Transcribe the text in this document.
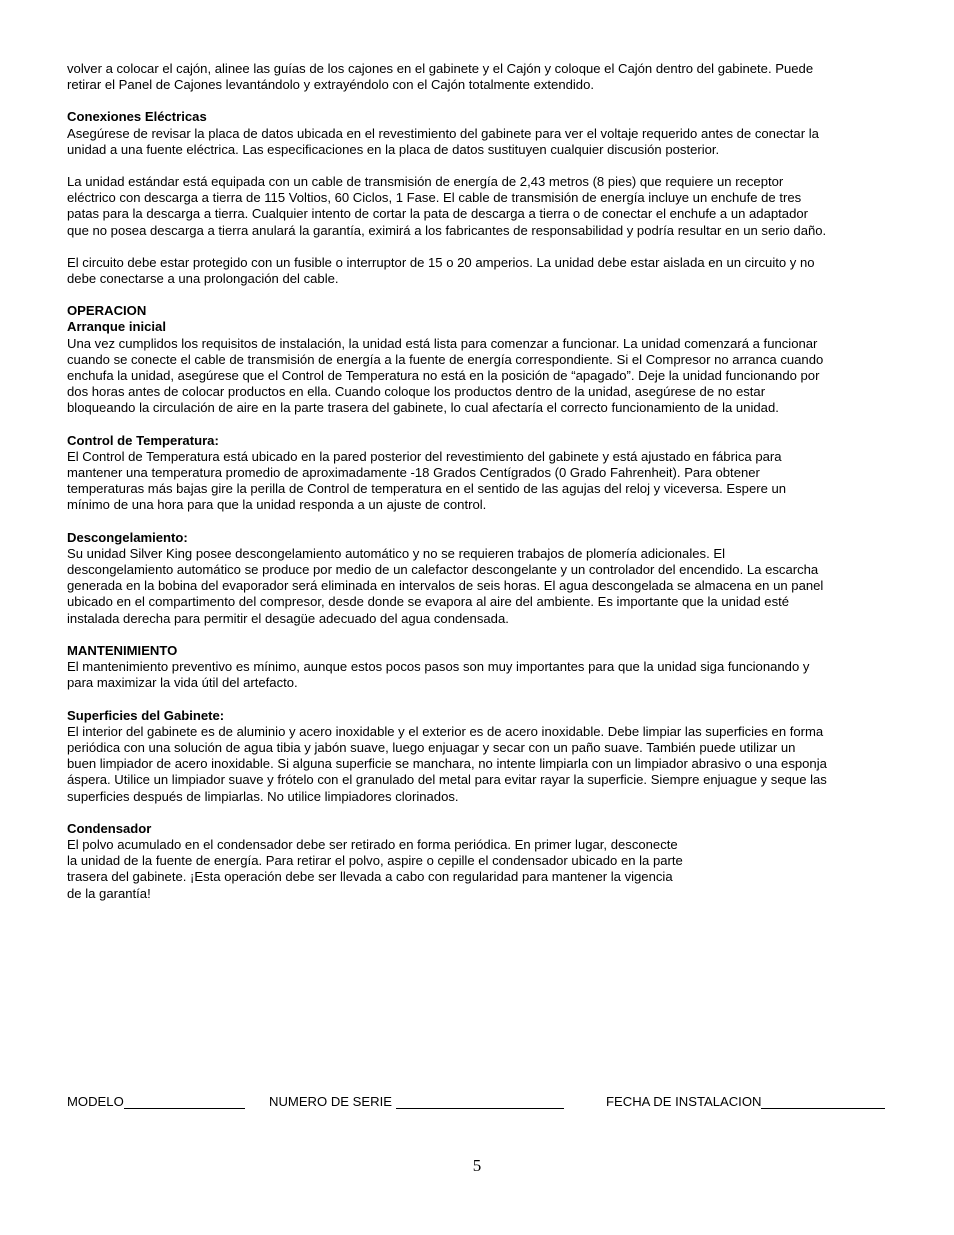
volver a colocar el cajón, alinee las guías de los cajones en el gabinete y el Cajón y coloque el Cajón dentro del gabinete. Puede
retirar el Panel de Cajones levantándolo y extrayéndolo con el Cajón totalmente extendido.

Conexiones Eléctricas
Asegúrese de revisar la placa de datos ubicada en el revestimiento del gabinete para ver el voltaje requerido antes de conectar la
unidad a una fuente eléctrica. Las especificaciones en la placa de datos sustituyen cualquier discusión posterior.

La unidad estándar está equipada con un cable de transmisión de energía de 2,43 metros (8 pies) que requiere un receptor
eléctrico con descarga a tierra de 115 Voltios, 60 Ciclos, 1 Fase. El cable de transmisión de energía incluye un enchufe de tres
patas para la descarga a tierra. Cualquier intento de cortar la pata de descarga a tierra o de conectar el enchufe a un adaptador
que no posea descarga a tierra anulará la garantía, eximirá a los fabricantes de responsabilidad y podría resultar en un serio daño.

El circuito debe estar protegido con un fusible o interruptor de 15 o 20 amperios. La unidad debe estar aislada en un circuito y no
debe conectarse a una prolongación del cable.

OPERACION
Arranque inicial
Una vez cumplidos los requisitos de instalación, la unidad está lista para comenzar a funcionar. La unidad comenzará a funcionar
cuando se conecte el cable de transmisión de energía a la fuente de energía correspondiente. Si el Compresor no arranca cuando
enchufa la unidad, asegúrese que el Control de Temperatura no está en la posición de “apagado”. Deje la unidad funcionando por
dos horas antes de colocar productos en ella. Cuando coloque los productos dentro de la unidad, asegúrese de no estar
bloqueando la circulación de aire en la parte trasera del gabinete, lo cual afectaría el correcto funcionamiento de la unidad.

Control de Temperatura:
El Control de Temperatura está ubicado en la pared posterior del revestimiento del gabinete y está ajustado en fábrica para
mantener una temperatura promedio de aproximadamente -18 Grados Centígrados (0 Grado Fahrenheit). Para obtener
temperaturas más bajas gire la perilla de Control de temperatura en el sentido de las agujas del reloj y viceversa. Espere un
mínimo de una hora para que la unidad responda a un ajuste de control.

Descongelamiento:
Su unidad Silver King posee descongelamiento automático y no se requieren trabajos de plomería adicionales. El
descongelamiento automático se produce por medio de un calefactor descongelante y un controlador del encendido. La escarcha
generada en la bobina del evaporador será eliminada en intervalos de seis horas. El agua descongelada se almacena en un panel
ubicado en el compartimento del compresor, desde donde se evapora al aire del ambiente. Es importante que la unidad esté
instalada derecha para permitir el desagüe adecuado del agua condensada.

MANTENIMIENTO
El mantenimiento preventivo es mínimo, aunque estos pocos pasos son muy importantes para que la unidad siga funcionando y
para maximizar la vida útil del artefacto.

Superficies del Gabinete:
El interior del gabinete es de aluminio y acero inoxidable y el exterior es de acero inoxidable. Debe limpiar las superficies en forma
periódica con una solución de agua tibia y jabón suave, luego enjuagar y secar con un paño suave. También puede utilizar un
buen limpiador de acero inoxidable. Si alguna superficie se manchara, no intente limpiarla con un limpiador abrasivo o una esponja
áspera. Utilice un limpiador suave y frótelo con el granulado del metal para evitar rayar la superficie. Siempre enjuague y seque las
superficies después de limpiarlas. No utilice limpiadores clorinados.

Condensador
El polvo acumulado en el condensador debe ser retirado en forma periódica. En primer lugar, desconecte
la unidad de la fuente de energía. Para retirar el polvo, aspire o cepille el condensador ubicado en la parte
trasera del gabinete. ¡Esta operación debe ser llevada a cabo con regularidad para mantener la vigencia
de la garantía!

MODELO	NUMERO DE SERIE	FECHA DE INSTALACION
5
